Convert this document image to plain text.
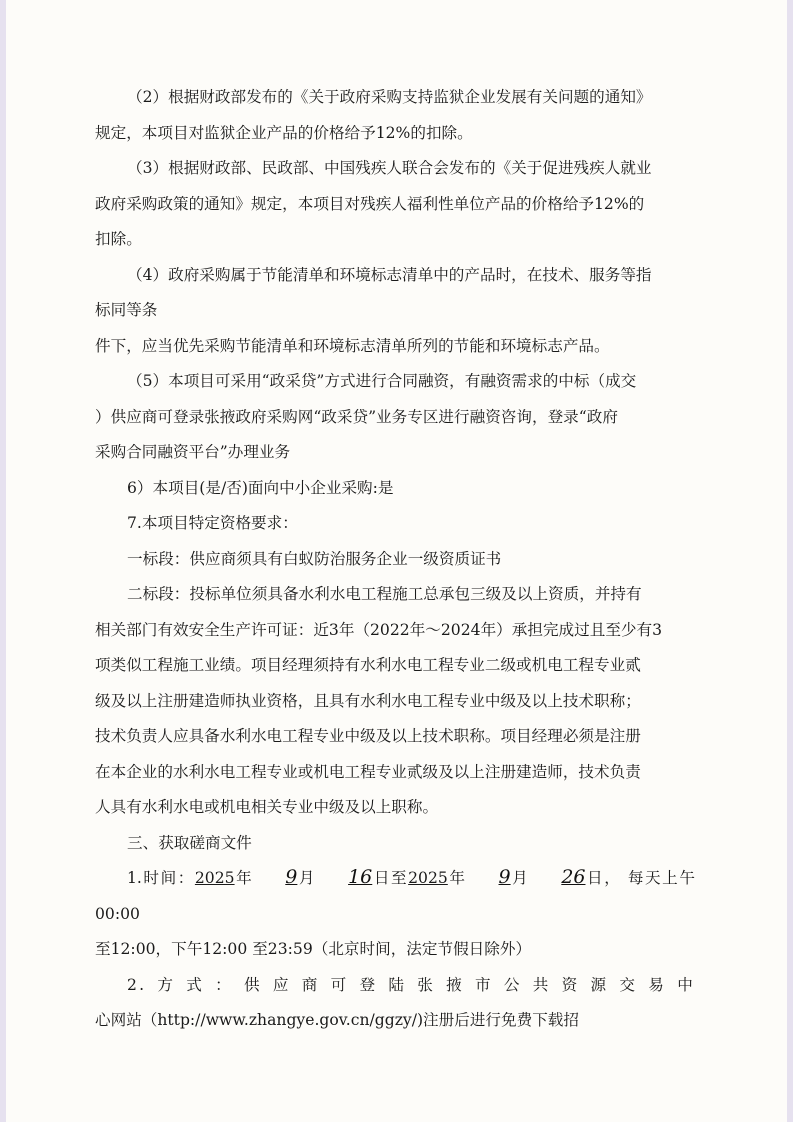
（2）根据财政部发布的《关于政府采购支持监狱企业发展有关问题的通知》

规定，本项目对监狱企业产品的价格给予12%的扣除。

（3）根据财政部、民政部、中国残疾人联合会发布的《关于促进残疾人就业

政府采购政策的通知》规定，本项目对残疾人福利性单位产品的价格给予12%的

扣除。

（4）政府采购属于节能清单和环境标志清单中的产品时，在技术、服务等指

标同等条

件下，应当优先采购节能清单和环境标志清单所列的节能和环境标志产品。

（5）本项目可采用“政采贷”方式进行合同融资，有融资需求的中标（成交

）供应商可登录张掖政府采购网“政采贷”业务专区进行融资咨询，登录“政府

采购合同融资平台”办理业务

6）本项目(是/否)面向中小企业采购:是

7.本项目特定资格要求：

一标段：供应商须具有白蚁防治服务企业一级资质证书

二标段：投标单位须具备水利水电工程施工总承包三级及以上资质，并持有

相关部门有效安全生产许可证：近3年（2022年～2024年）承担完成过且至少有3

项类似工程施工业绩。项目经理须持有水利水电工程专业二级或机电工程专业贰

级及以上注册建造师执业资格，且具有水利水电工程专业中级及以上技术职称；

技术负责人应具备水利水电工程专业中级及以上技术职称。项目经理必须是注册

在本企业的水利水电工程专业或机电工程专业贰级及以上注册建造师，技术负责

人具有水利水电或机电相关专业中级及以上职称。

三、获取磋商文件

1.时间：2025年 9月 16日至2025年 9月 26日， 每天上午00:00

至12:00，下午12:00 至23:59（北京时间，法定节假日除外）

2.方式：供应商可登陆张掖市公共资源交易中

心网站（http://www.zhangye.gov.cn/ggzy/)注册后进行免费下载招
